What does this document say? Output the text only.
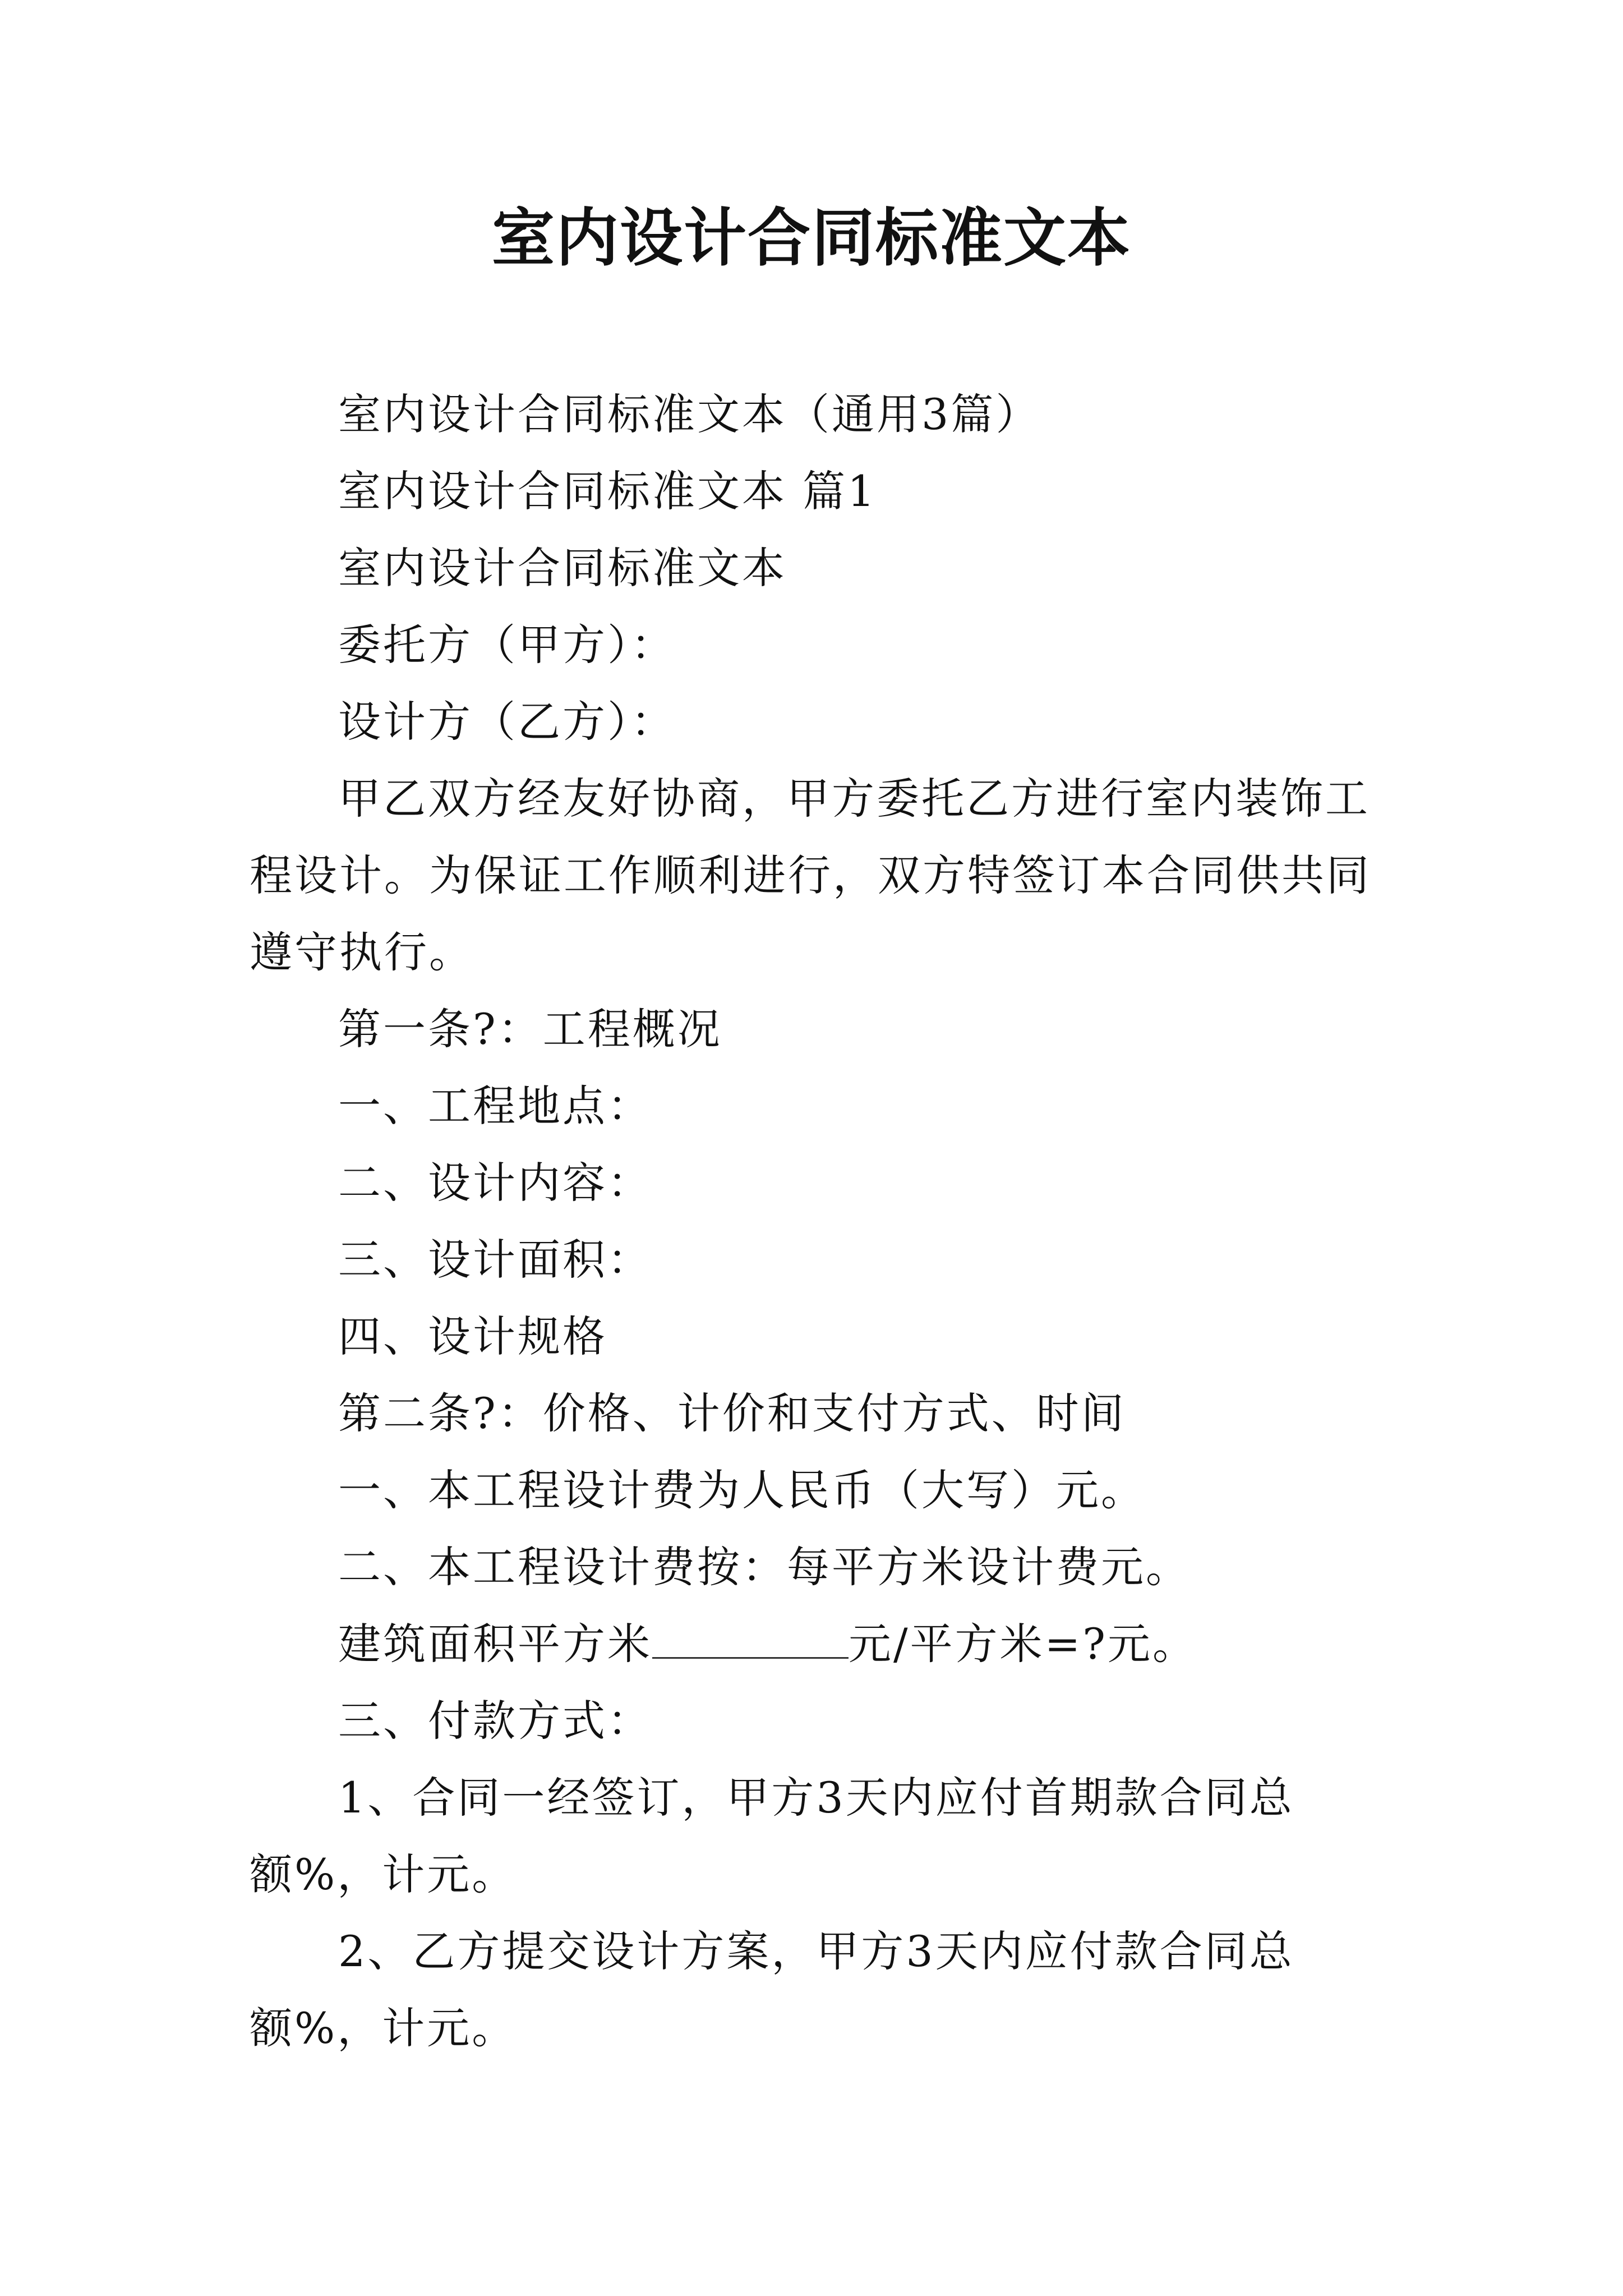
室内设计合同标准文本

室内设计合同标准文本（通用3篇）

室内设计合同标准文本 篇1

室内设计合同标准文本

委托方（甲方）：

设计方（乙方）：

甲乙双方经友好协商，甲方委托乙方进行室内装饰工程设计。为保证工作顺利进行，双方特签订本合同供共同遵守执行。

第一条?：工程概况

一、工程地点：

二、设计内容：

三、设计面积：

四、设计规格

第二条?：价格、计价和支付方式、时间

一、本工程设计费为人民币（大写）元。

二、本工程设计费按：每平方米设计费元。

建筑面积平方米	元/平方米=?元。

三、付款方式：

1、合同一经签订，甲方3天内应付首期款合同总额%，计元。

2、乙方提交设计方案，甲方3天内应付款合同总额%，计元。
